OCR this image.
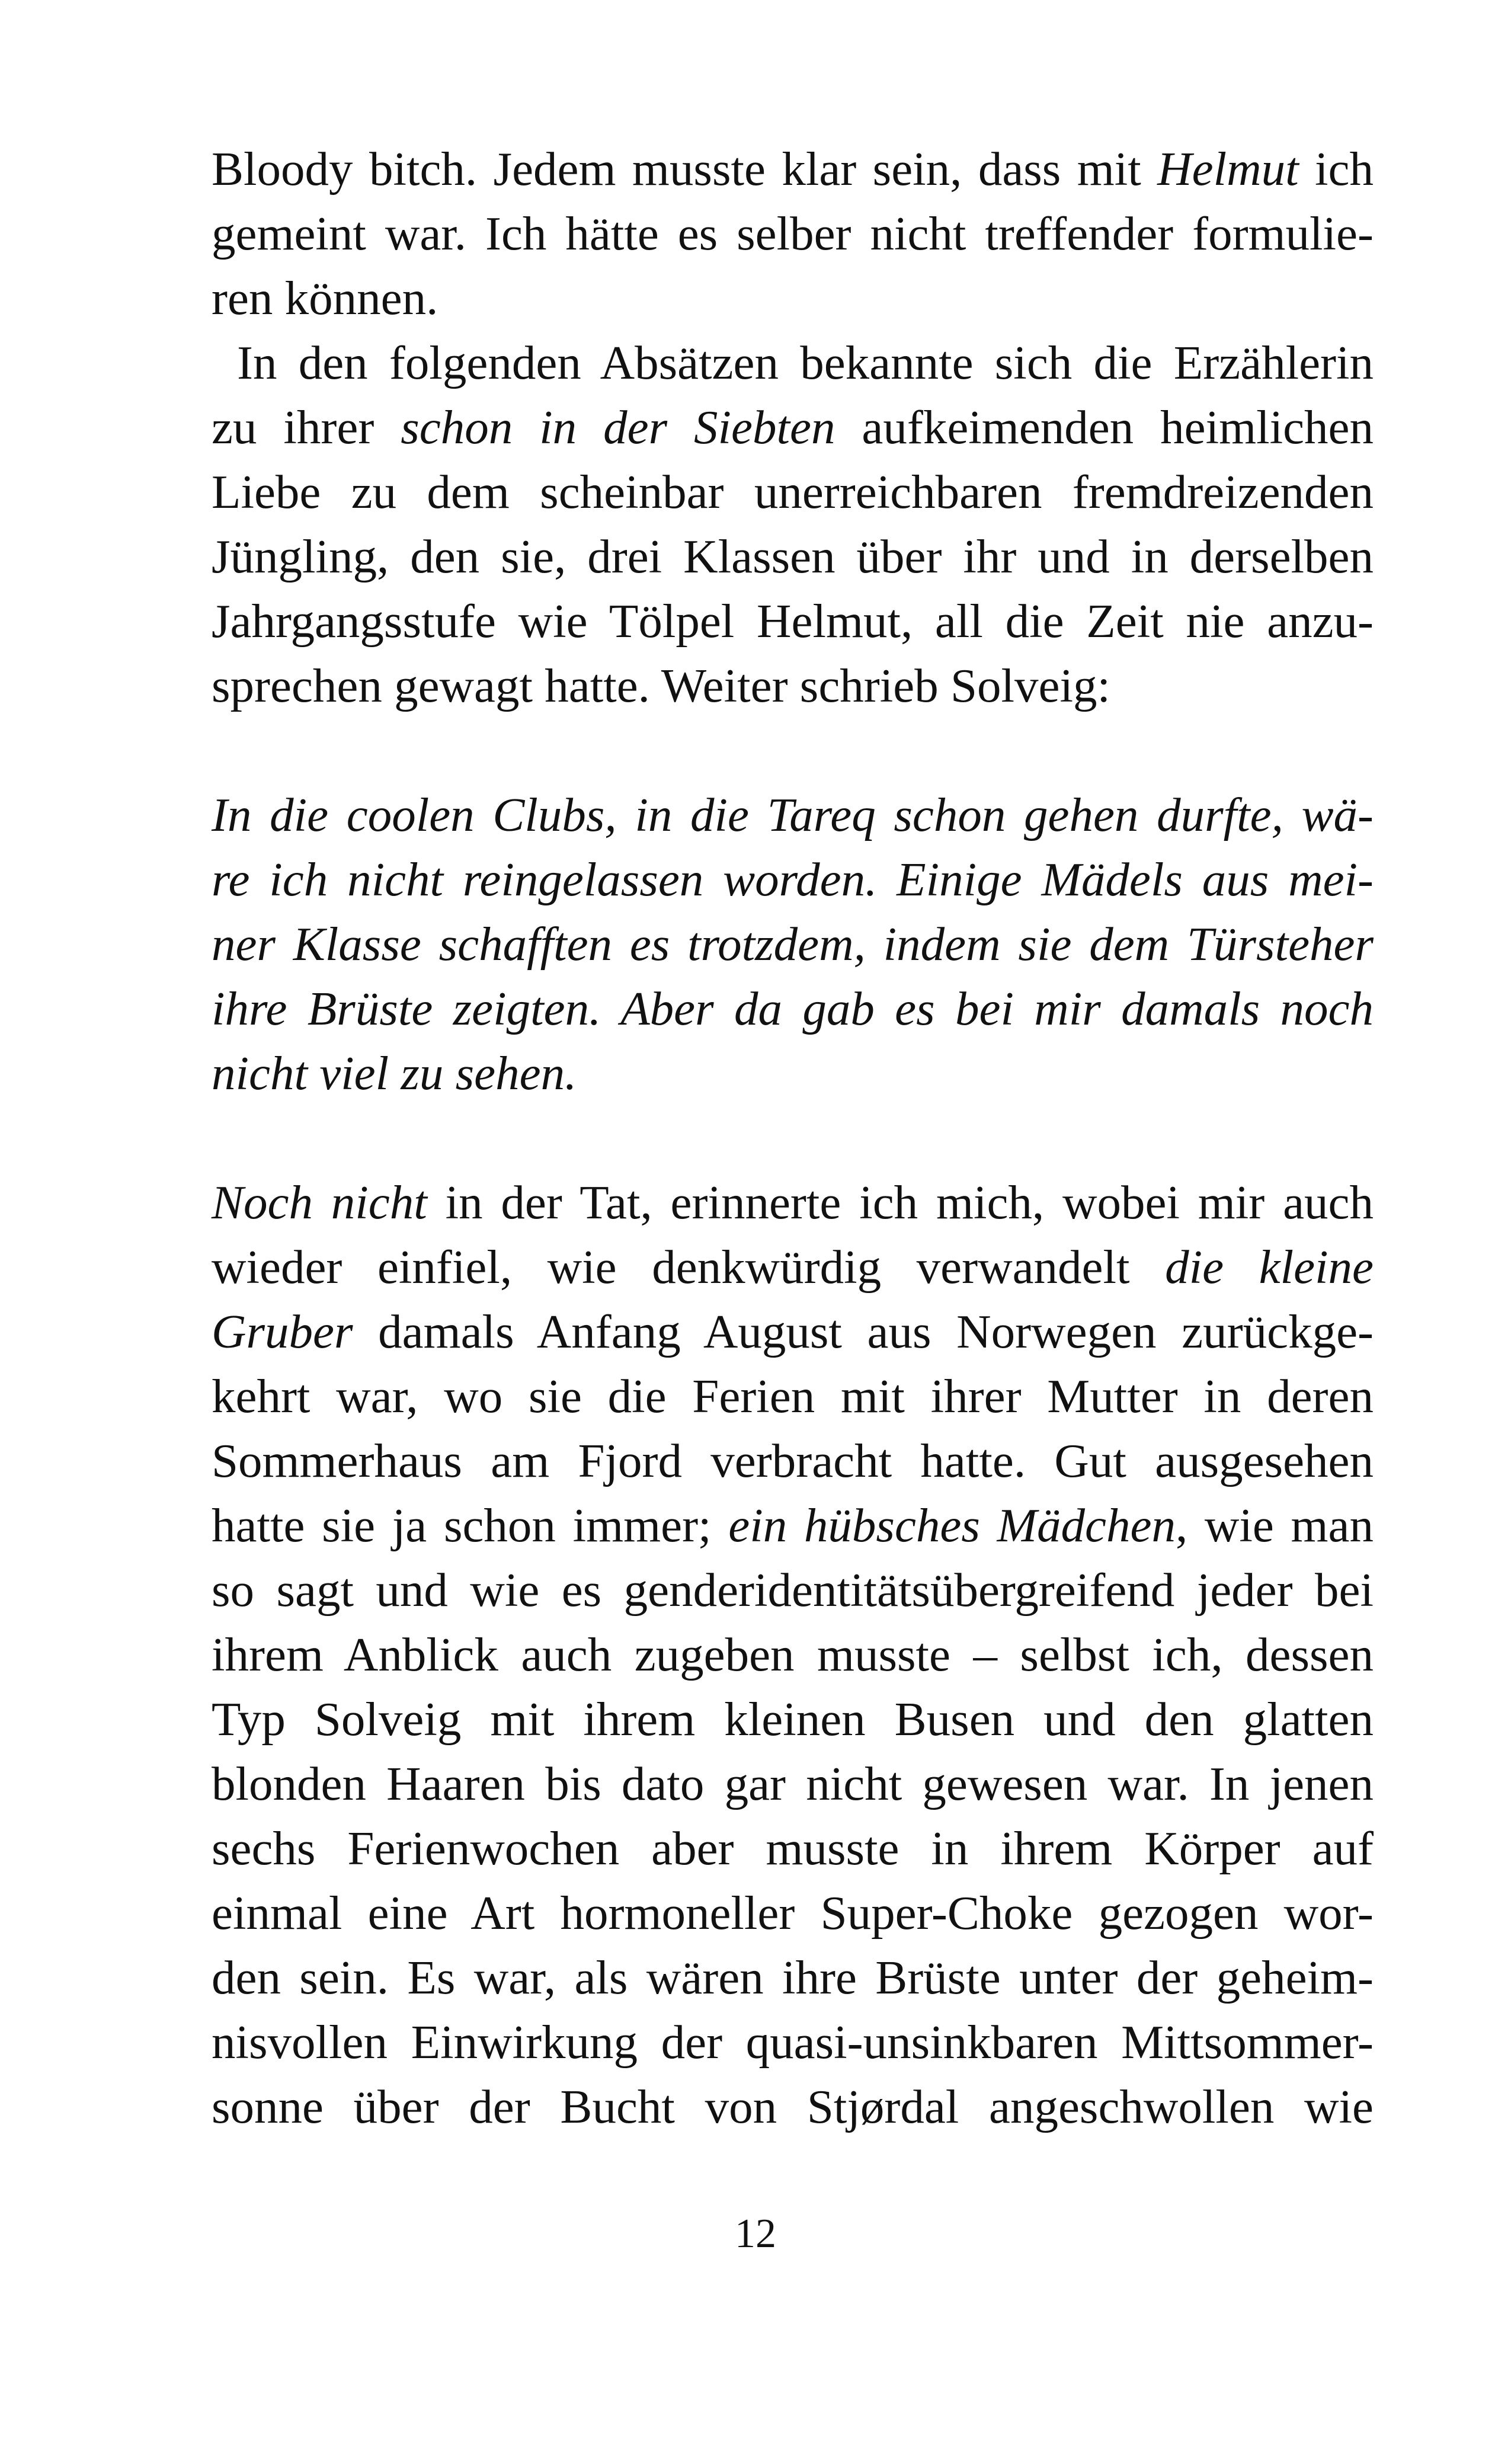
Bloody bitch. Jedem musste klar sein, dass mit Helmut ich
gemeint war. Ich hätte es selber nicht treffender formulie-
ren können.
In den folgenden Absätzen bekannte sich die Erzählerin
zu ihrer schon in der Siebten aufkeimenden heimlichen
Liebe zu dem scheinbar unerreichbaren fremdreizenden
Jüngling, den sie, drei Klassen über ihr und in derselben
Jahrgangsstufe wie Tölpel Helmut, all die Zeit nie anzu-
sprechen gewagt hatte. Weiter schrieb Solveig:
In die coolen Clubs, in die Tareq schon gehen durfte, wä-
re ich nicht reingelassen worden. Einige Mädels aus mei-
ner Klasse schafften es trotzdem, indem sie dem Türsteher
ihre Brüste zeigten. Aber da gab es bei mir damals noch
nicht viel zu sehen.
Noch nicht in der Tat, erinnerte ich mich, wobei mir auch
wieder einfiel, wie denkwürdig verwandelt die kleine
Gruber damals Anfang August aus Norwegen zurückge-
kehrt war, wo sie die Ferien mit ihrer Mutter in deren
Sommerhaus am Fjord verbracht hatte. Gut ausgesehen
hatte sie ja schon immer; ein hübsches Mädchen, wie man
so sagt und wie es genderidentitätsübergreifend jeder bei
ihrem Anblick auch zugeben musste – selbst ich, dessen
Typ Solveig mit ihrem kleinen Busen und den glatten
blonden Haaren bis dato gar nicht gewesen war. In jenen
sechs Ferienwochen aber musste in ihrem Körper auf
einmal eine Art hormoneller Super-Choke gezogen wor-
den sein. Es war, als wären ihre Brüste unter der geheim-
nisvollen Einwirkung der quasi-unsinkbaren Mittsommer-
sonne über der Bucht von Stjørdal angeschwollen wie
12
